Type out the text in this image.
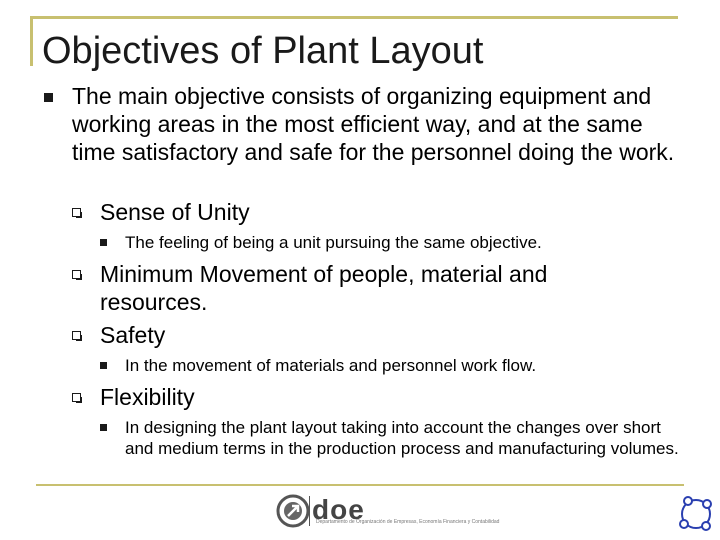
Objectives of Plant Layout
The main objective consists of organizing equipment and working areas in the most efficient way, and at the same time satisfactory and safe for the personnel doing the work.
Sense of Unity
The feeling of being a unit pursuing the same objective.
Minimum Movement of people, material and resources.
Safety
In the movement of materials and personnel work flow.
Flexibility
In designing the plant layout taking into account the changes over short and medium terms in the production process and manufacturing volumes.
doe
Departamento de Organización de Empresas, Economía Financiera y Contabilidad
